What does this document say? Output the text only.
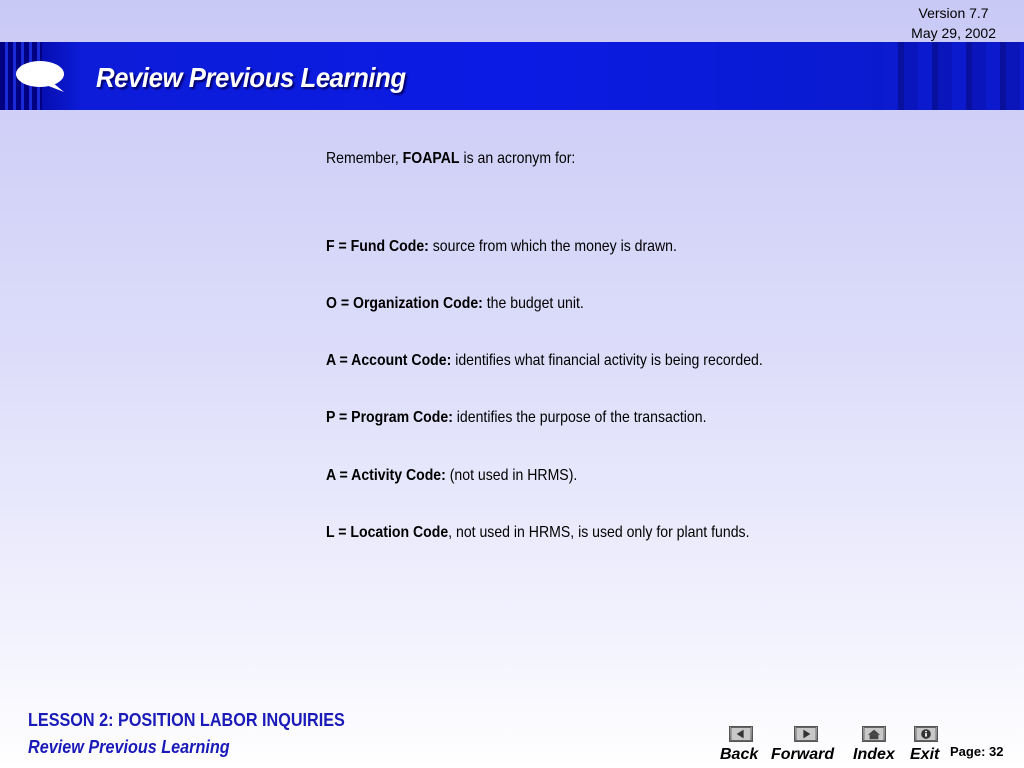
Version 7.7
May 29, 2002
Review Previous Learning
Remember, FOAPAL is an acronym for:
F = Fund Code: source from which the money is drawn.
O = Organization Code: the budget unit.
A = Account Code: identifies what financial activity is being recorded.
P = Program Code: identifies the purpose of the transaction.
A = Activity Code: (not used in HRMS).
L = Location Code, not used in HRMS, is used only for plant funds.
LESSON 2: POSITION LABOR INQUIRIES
Review Previous Learning	Back Forward Index Exit Page: 32
